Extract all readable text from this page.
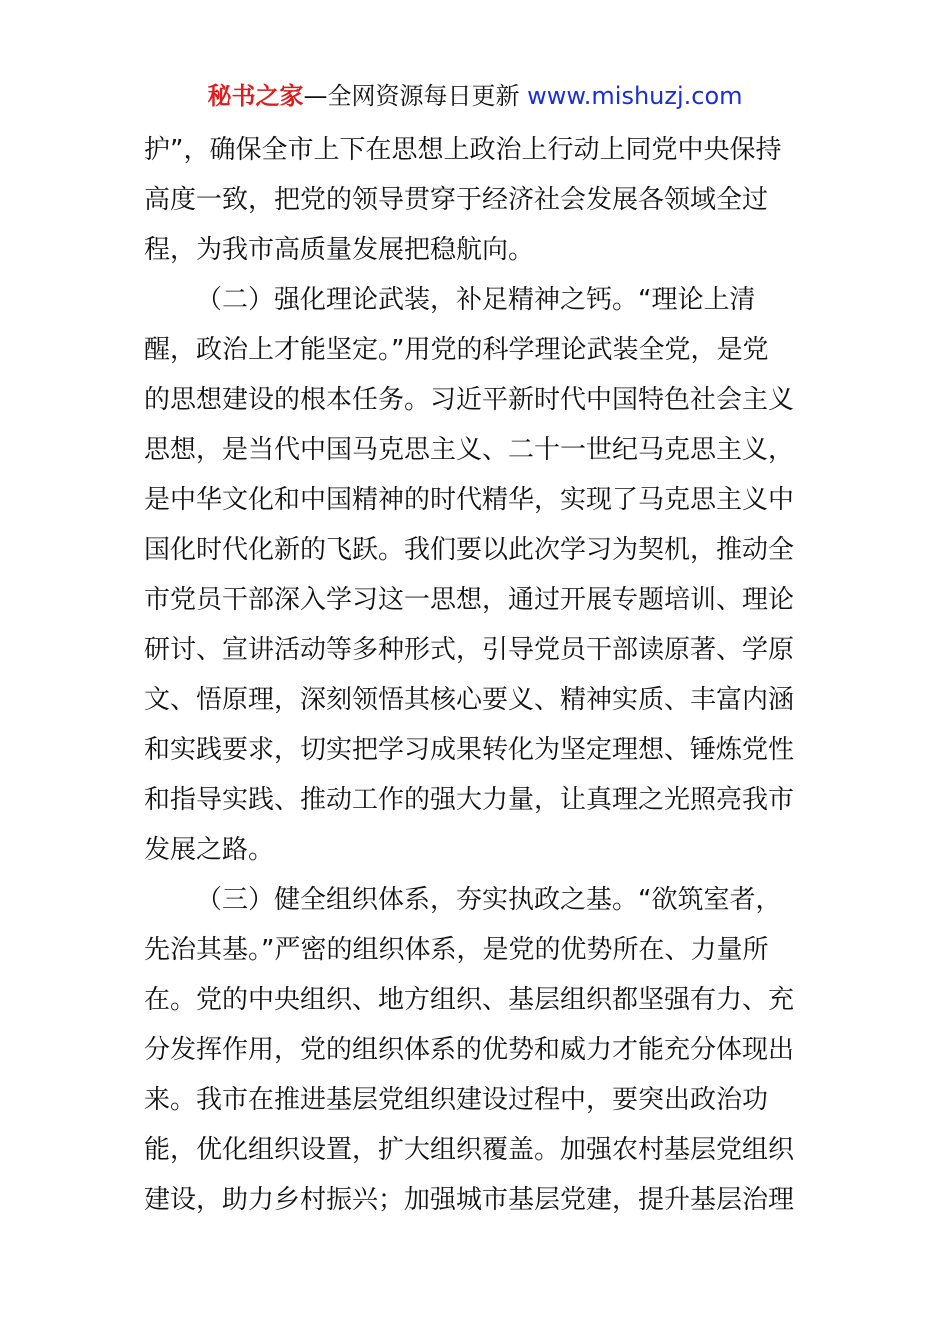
秘书之家—全网资源每日更新 www.mishuzj.com
护”，确保全市上下在思想上政治上行动上同党中央保持
高度一致，把党的领导贯穿于经济社会发展各领域全过
程，为我市高质量发展把稳航向。
（二）强化理论武装，补足精神之钙。“理论上清
醒，政治上才能坚定。”用党的科学理论武装全党，是党
的思想建设的根本任务。习近平新时代中国特色社会主义
思想，是当代中国马克思主义、二十一世纪马克思主义，
是中华文化和中国精神的时代精华，实现了马克思主义中
国化时代化新的飞跃。我们要以此次学习为契机，推动全
市党员干部深入学习这一思想，通过开展专题培训、理论
研讨、宣讲活动等多种形式，引导党员干部读原著、学原
文、悟原理，深刻领悟其核心要义、精神实质、丰富内涵
和实践要求，切实把学习成果转化为坚定理想、锤炼党性
和指导实践、推动工作的强大力量，让真理之光照亮我市
发展之路。
（三）健全组织体系，夯实执政之基。“欲筑室者，
先治其基。”严密的组织体系，是党的优势所在、力量所
在。党的中央组织、地方组织、基层组织都坚强有力、充
分发挥作用，党的组织体系的优势和威力才能充分体现出
来。我市在推进基层党组织建设过程中，要突出政治功
能，优化组织设置，扩大组织覆盖。加强农村基层党组织
建设，助力乡村振兴；加强城市基层党建，提升基层治理
